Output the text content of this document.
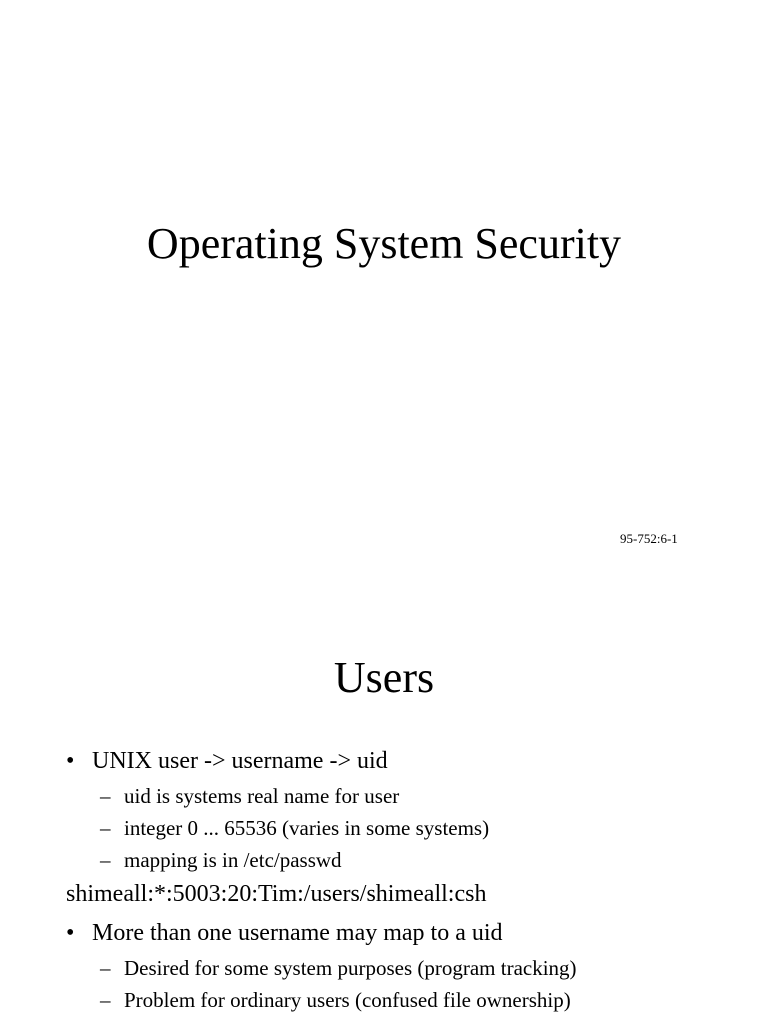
Operating System Security
95-752:6-1
Users
• UNIX user -> username -> uid
– uid is systems real name for user
– integer 0 ... 65536 (varies in some systems)
– mapping is in /etc/passwd
shimeall:*:5003:20:Tim:/users/shimeall:csh
• More than one username may map to a uid
– Desired for some system purposes (program tracking)
– Problem for ordinary users (confused file ownership)
